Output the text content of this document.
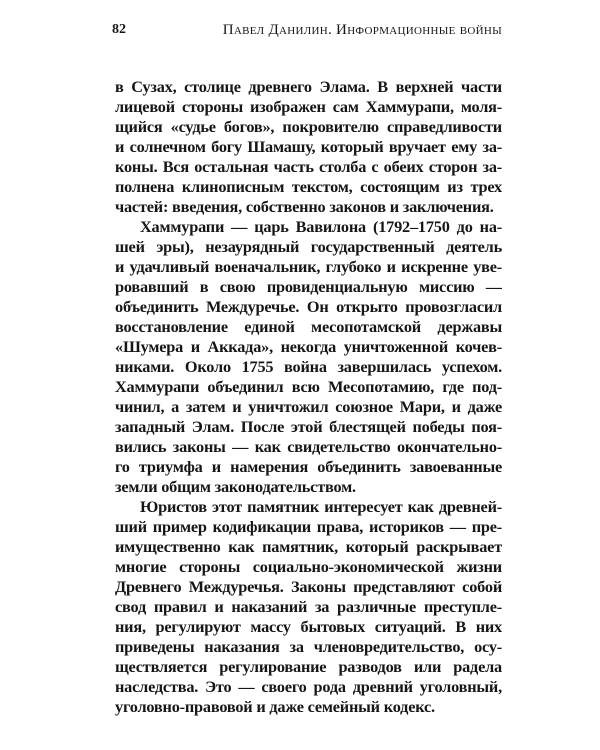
82	Павел Данилин. Информационные войны
в Сузах, столице древнего Элама. В верхней части
лицевой стороны изображен сам Хаммурапи, моля-
щийся «судье богов», покровителю справедливости
и солнечном богу Шамашу, который вручает ему за-
коны. Вся остальная часть столба с обеих сторон за-
полнена клинописным текстом, состоящим из трех
частей: введения, собственно законов и заключения.
Хаммурапи — царь Вавилона (1792–1750 до на-
шей эры), незаурядный государственный деятель
и удачливый военачальник, глубоко и искренне уве-
ровавший в свою провиденциальную миссию —
объединить Междуречье. Он открыто провозгласил
восстановление единой месопотамской державы
«Шумера и Аккада», некогда уничтоженной кочев-
никами. Около 1755 война завершилась успехом.
Хаммурапи объединил всю Месопотамию, где под-
чинил, а затем и уничтожил союзное Мари, и даже
западный Элам. После этой блестящей победы поя-
вились законы — как свидетельство окончательно-
го триумфа и намерения объединить завоеванные
земли общим законодательством.
Юристов этот памятник интересует как древней-
ший пример кодификации права, историков — пре-
имущественно как памятник, который раскрывает
многие стороны социально-экономической жизни
Древнего Междуречья. Законы представляют собой
свод правил и наказаний за различные преступле-
ния, регулируют массу бытовых ситуаций. В них
приведены наказания за членовредительство, осу-
ществляется регулирование разводов или радела
наследства. Это — своего рода древний уголовный,
уголовно-правовой и даже семейный кодекс.
